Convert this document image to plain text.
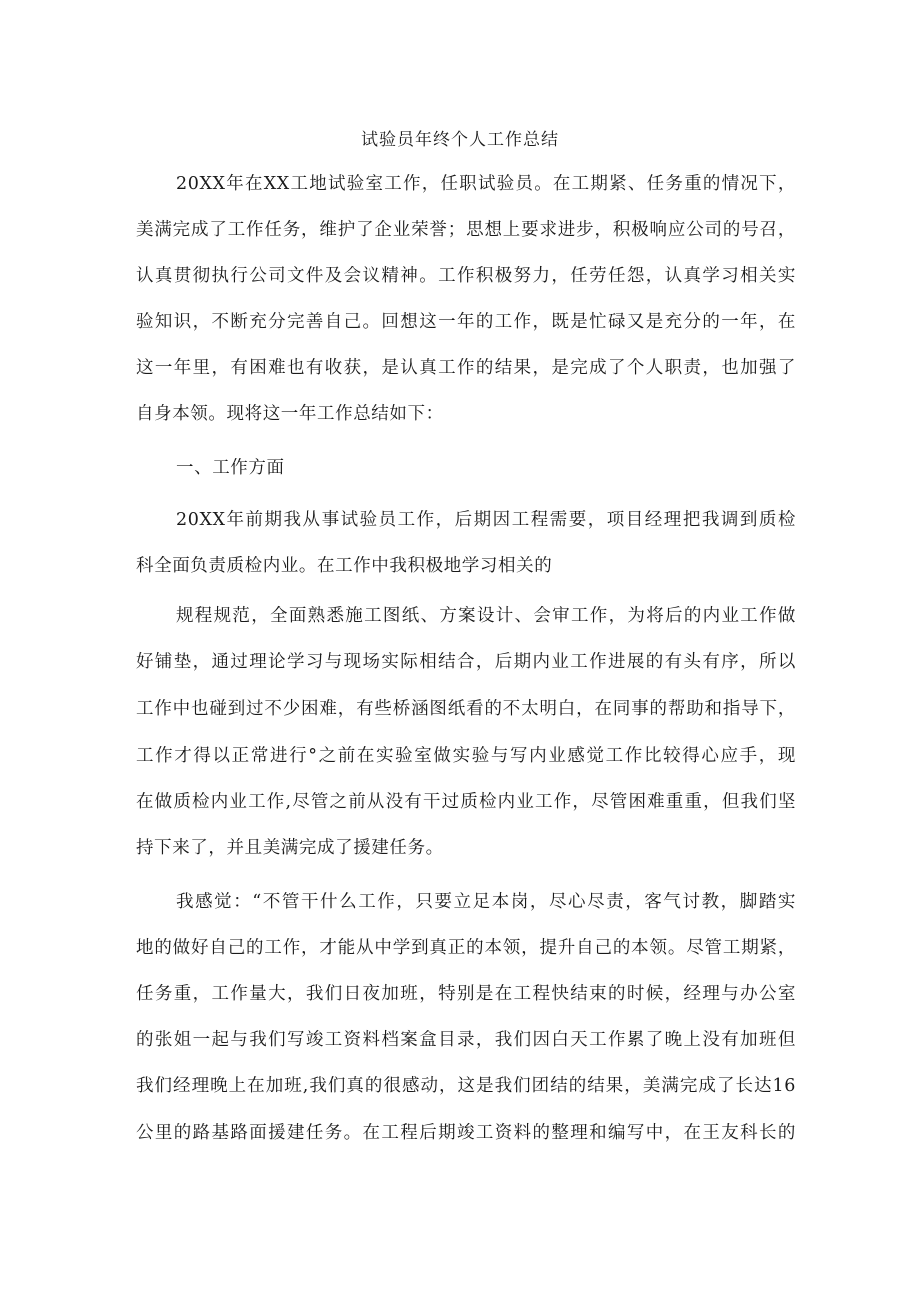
试验员年终个人工作总结

20XX年在XX工地试验室工作，任职试验员。在工期紧、任务重的情况下，

美满完成了工作任务，维护了企业荣誉；思想上要求进步，积极响应公司的号召，

认真贯彻执行公司文件及会议精神。工作积极努力，任劳任怨，认真学习相关实

验知识，不断充分完善自己。回想这一年的工作，既是忙碌又是充分的一年，在

这一年里，有困难也有收获，是认真工作的结果，是完成了个人职责，也加强了

自身本领。现将这一年工作总结如下：

一、工作方面

20XX年前期我从事试验员工作，后期因工程需要，项目经理把我调到质检

科全面负责质检内业。在工作中我积极地学习相关的

规程规范，全面熟悉施工图纸、方案设计、会审工作，为将后的内业工作做

好铺垫，通过理论学习与现场实际相结合，后期内业工作进展的有头有序，所以

工作中也碰到过不少困难，有些桥涵图纸看的不太明白，在同事的帮助和指导下，

工作才得以正常进行°之前在实验室做实验与写内业感觉工作比较得心应手，现

在做质检内业工作,尽管之前从没有干过质检内业工作，尽管困难重重，但我们坚

持下来了，并且美满完成了援建任务。

我感觉：“不管干什么工作，只要立足本岗，尽心尽责，客气讨教，脚踏实

地的做好自己的工作，才能从中学到真正的本领，提升自己的本领。尽管工期紧，

任务重，工作量大，我们日夜加班，特别是在工程快结束的时候，经理与办公室

的张姐一起与我们写竣工资料档案盒目录，我们因白天工作累了晚上没有加班但

我们经理晚上在加班,我们真的很感动，这是我们团结的结果，美满完成了长达16

公里的路基路面援建任务。在工程后期竣工资料的整理和编写中，在王友科长的
